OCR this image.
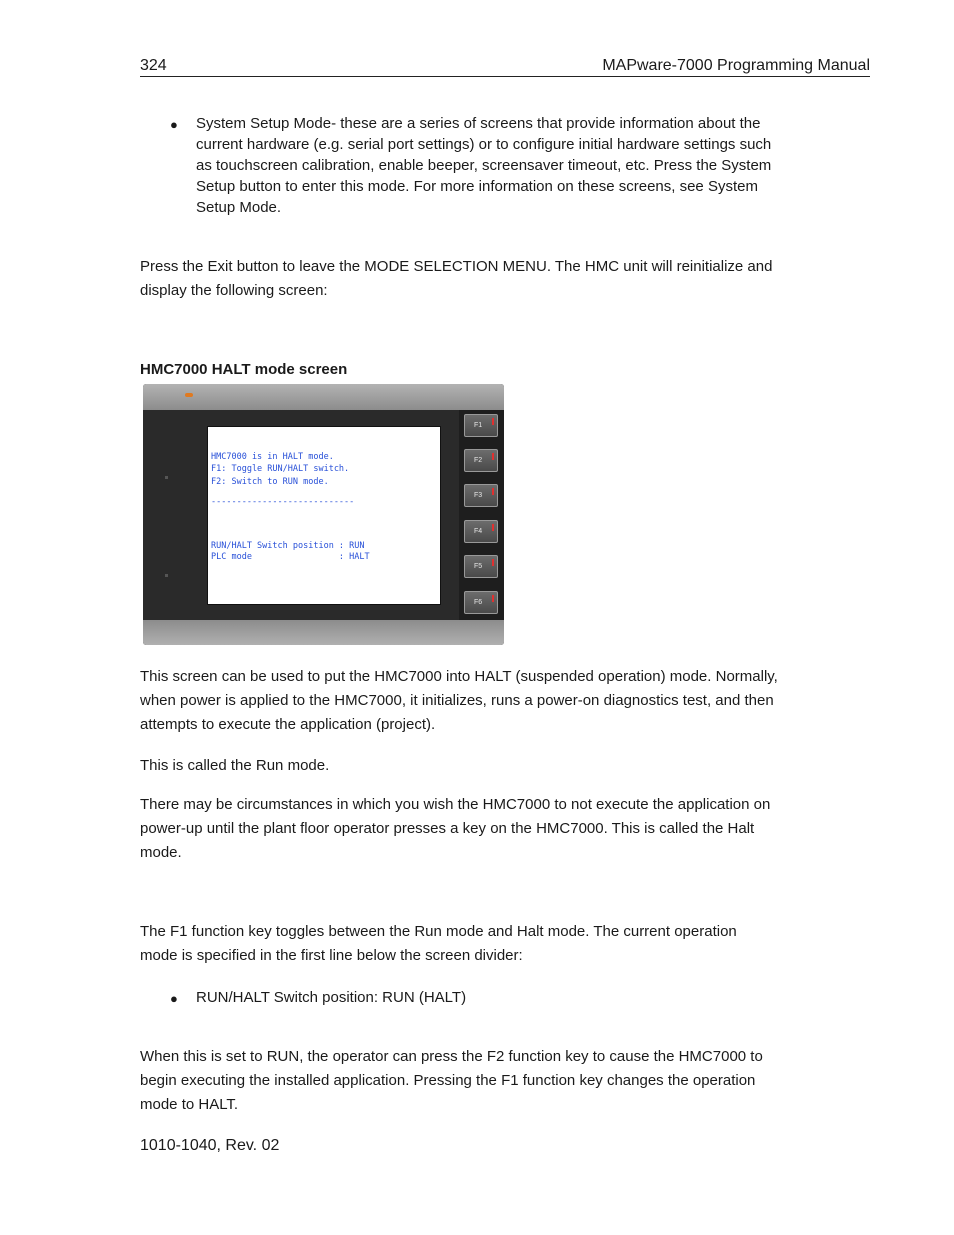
324	MAPware-7000 Programming Manual
● System Setup Mode- these are a series of screens that provide information about the
current hardware (e.g. serial port settings) or to configure initial hardware settings such
as touchscreen calibration, enable beeper, screensaver timeout, etc. Press the System
Setup button to enter this mode. For more information on these screens, see System
Setup Mode.
Press the Exit button to leave the MODE SELECTION MENU. The HMC unit will reinitialize and
display the following screen:
HMC7000 HALT mode screen
HMC7000 is in HALT mode.
F1: Toggle RUN/HALT switch.
F2: Switch to RUN mode.
----------------------------
RUN/HALT Switch position : RUN
PLC mode                 : HALT
F1
F2
F3
F4
F5
F6
This screen can be used to put the HMC7000 into HALT (suspended operation) mode. Normally,
when power is applied to the HMC7000, it initializes, runs a power-on diagnostics test, and then
attempts to execute the application (project).
This is called the Run mode.
There may be circumstances in which you wish the HMC7000 to not execute the application on
power-up until the plant floor operator presses a key on the HMC7000. This is called the Halt
mode.
The F1 function key toggles between the Run mode and Halt mode. The current operation
mode is specified in the first line below the screen divider:
● RUN/HALT Switch position: RUN (HALT)
When this is set to RUN, the operator can press the F2 function key to cause the HMC7000 to
begin executing the installed application. Pressing the F1 function key changes the operation
mode to HALT.
1010-1040, Rev. 02
